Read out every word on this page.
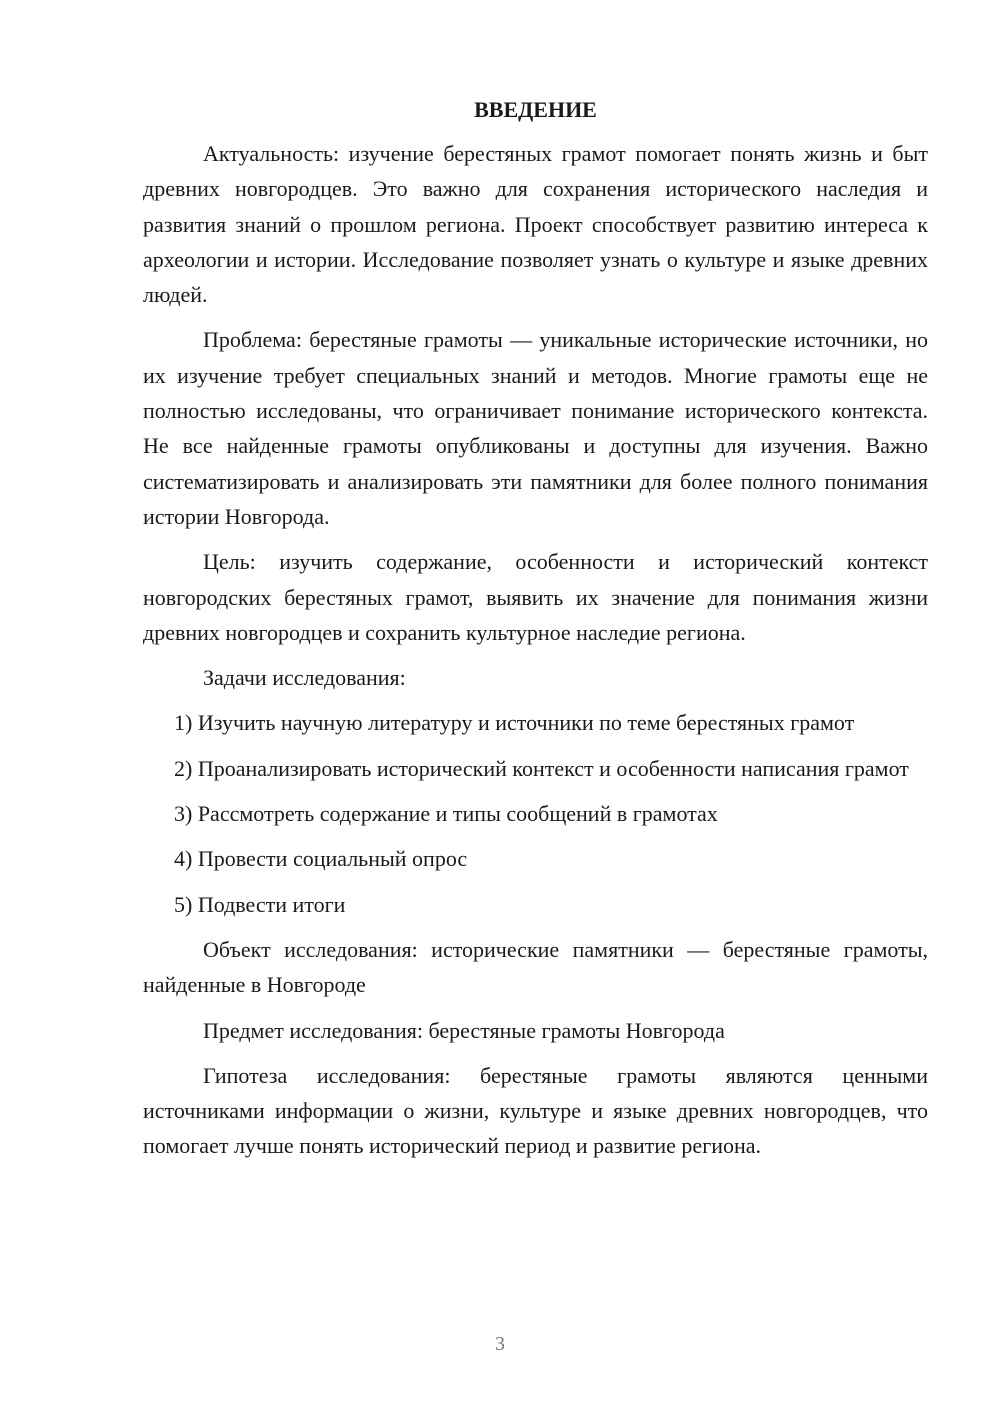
ВВЕДЕНИЕ

Актуальность: изучение берестяных грамот помогает понять жизнь и быт древних новгородцев. Это важно для сохранения исторического наследия и развития знаний о прошлом региона. Проект способствует развитию интереса к археологии и истории. Исследование позволяет узнать о культуре и языке древних людей.

Проблема: берестяные грамоты — уникальные исторические источники, но их изучение требует специальных знаний и методов. Многие грамоты еще не полностью исследованы, что ограничивает понимание исторического контекста. Не все найденные грамоты опубликованы и доступны для изучения. Важно систематизировать и анализировать эти памятники для более полного понимания истории Новгорода.

Цель: изучить содержание, особенности и исторический контекст новгородских берестяных грамот, выявить их значение для понимания жизни древних новгородцев и сохранить культурное наследие региона.

Задачи исследования:

1) Изучить научную литературу и источники по теме берестяных грамот

2) Проанализировать исторический контекст и особенности написания грамот

3) Рассмотреть содержание и типы сообщений в грамотах

4) Провести социальный опрос

5) Подвести итоги

Объект исследования: исторические памятники — берестяные грамоты, найденные в Новгороде

Предмет исследования: берестяные грамоты Новгорода

Гипотеза исследования: берестяные грамоты являются ценными источниками информации о жизни, культуре и языке древних новгородцев, что помогает лучше понять исторический период и развитие региона.

3
